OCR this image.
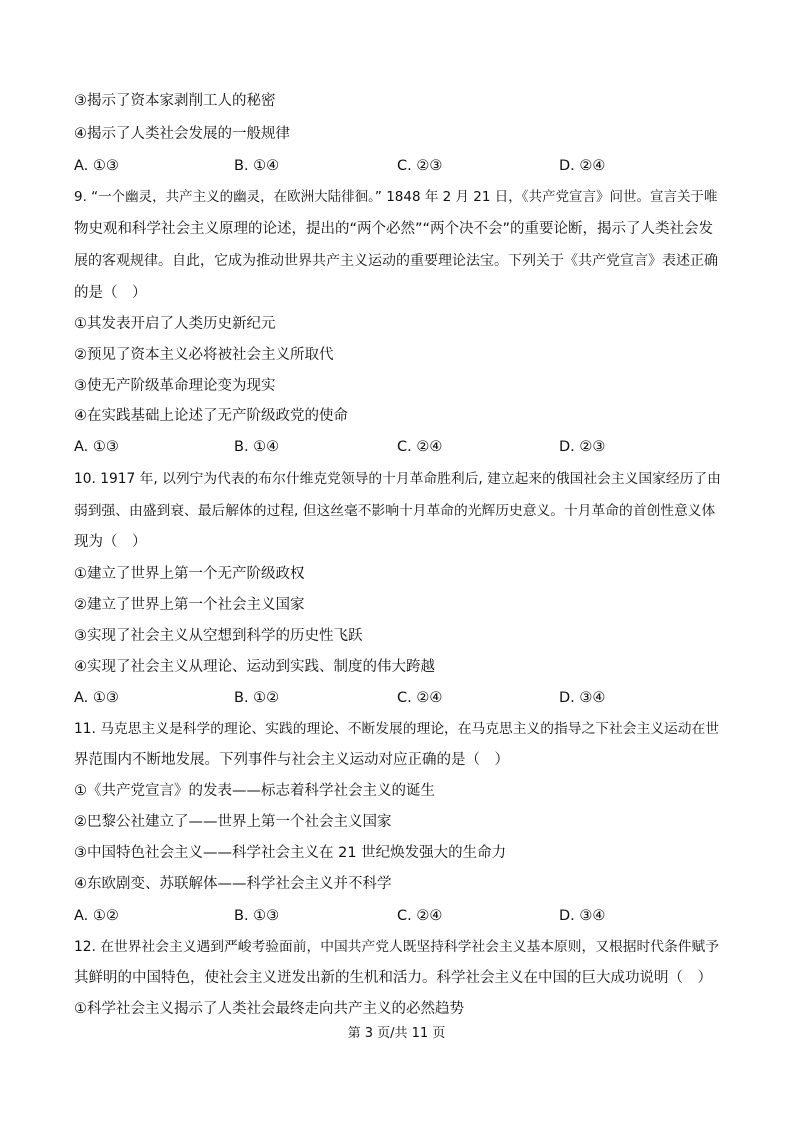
③揭示了资本家剥削工人的秘密
④揭示了人类社会发展的一般规律
A. ①③	B. ①④	C. ②③	D. ②④
9. “一个幽灵，共产主义的幽灵，在欧洲大陆徘徊。” 1848 年 2 月 21 日，《共产党宣言》问世。宣言关于唯
物史观和科学社会主义原理的论述，提出的“两个必然”“两个决不会”的重要论断，揭示了人类社会发
展的客观规律。自此，它成为推动世界共产主义运动的重要理论法宝。下列关于《共产党宣言》表述正确
的是（　）
①其发表开启了人类历史新纪元
②预见了资本主义必将被社会主义所取代
③使无产阶级革命理论变为现实
④在实践基础上论述了无产阶级政党的使命
A. ①③	B. ①④	C. ②④	D. ②③
10. 1917 年, 以列宁为代表的布尔什维克党领导的十月革命胜利后, 建立起来的俄国社会主义国家经历了由
弱到强、由盛到衰、最后解体的过程, 但这丝毫不影响十月革命的光辉历史意义。十月革命的首创性意义体
现为（　）
①建立了世界上第一个无产阶级政权
②建立了世界上第一个社会主义国家
③实现了社会主义从空想到科学的历史性飞跃
④实现了社会主义从理论、运动到实践、制度的伟大跨越
A. ①③	B. ①②	C. ②④	D. ③④
11. 马克思主义是科学的理论、实践的理论、不断发展的理论，在马克思主义的指导之下社会主义运动在世
界范围内不断地发展。下列事件与社会主义运动对应正确的是（　）
①《共产党宣言》的发表——标志着科学社会主义的诞生
②巴黎公社建立了——世界上第一个社会主义国家
③中国特色社会主义——科学社会主义在 21 世纪焕发强大的生命力
④东欧剧变、苏联解体——科学社会主义并不科学
A. ①②	B. ①③	C. ②④	D. ③④
12. 在世界社会主义遇到严峻考验面前，中国共产党人既坚持科学社会主义基本原则，又根据时代条件赋予
其鲜明的中国特色，使社会主义迸发出新的生机和活力。科学社会主义在中国的巨大成功说明（　）
①科学社会主义揭示了人类社会最终走向共产主义的必然趋势
第 3 页/共 11 页
